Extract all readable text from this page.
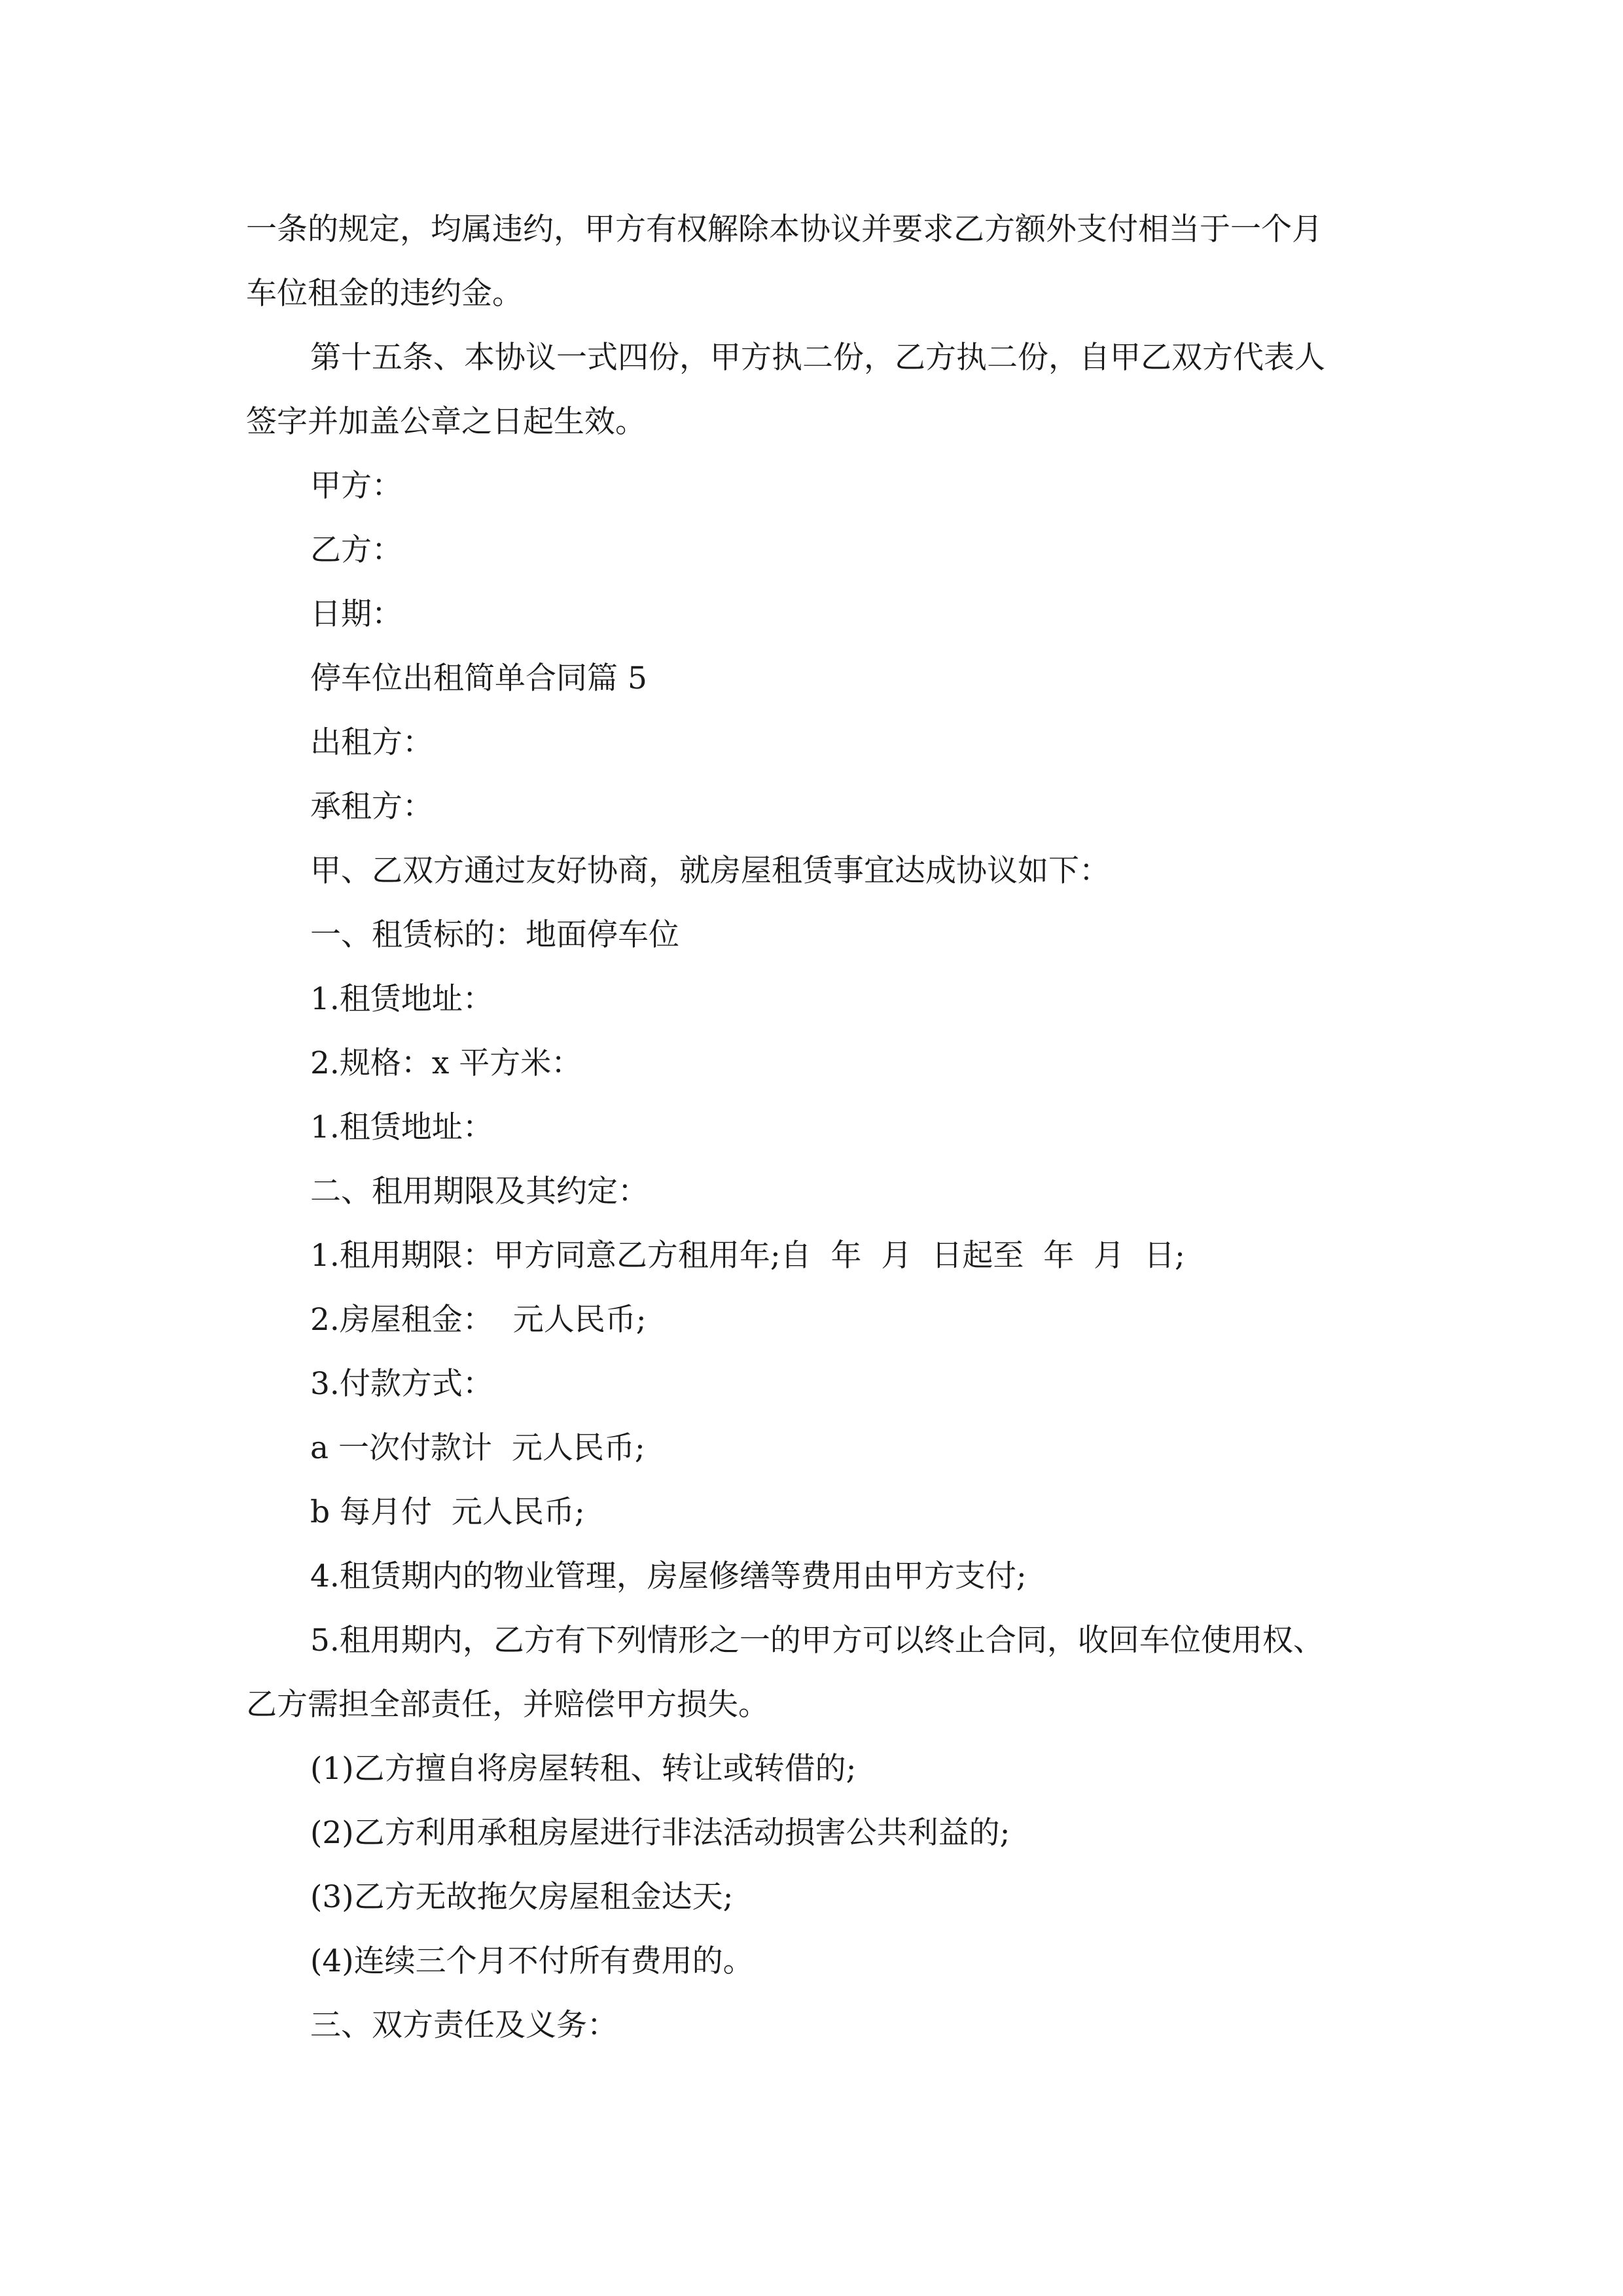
一条的规定，均属违约，甲方有权解除本协议并要求乙方额外支付相当于一个月
车位租金的违约金。
第十五条、本协议一式四份，甲方执二份，乙方执二份，自甲乙双方代表人
签字并加盖公章之日起生效。
甲方：
乙方：
日期：
停车位出租简单合同篇 5
出租方：
承租方：
甲、乙双方通过友好协商，就房屋租赁事宜达成协议如下：
一、租赁标的：地面停车位
1.租赁地址：
2.规格：x 平方米：
1.租赁地址：
二、租用期限及其约定：
1.租用期限：甲方同意乙方租用年;自  年  月  日起至  年  月  日;
2.房屋租金：  元人民币;
3.付款方式：
a 一次付款计  元人民币;
b 每月付  元人民币;
4.租赁期内的物业管理，房屋修缮等费用由甲方支付;
5.租用期内，乙方有下列情形之一的甲方可以终止合同，收回车位使用权、
乙方需担全部责任，并赔偿甲方损失。
(1)乙方擅自将房屋转租、转让或转借的;
(2)乙方利用承租房屋进行非法活动损害公共利益的;
(3)乙方无故拖欠房屋租金达天;
(4)连续三个月不付所有费用的。
三、双方责任及义务：
